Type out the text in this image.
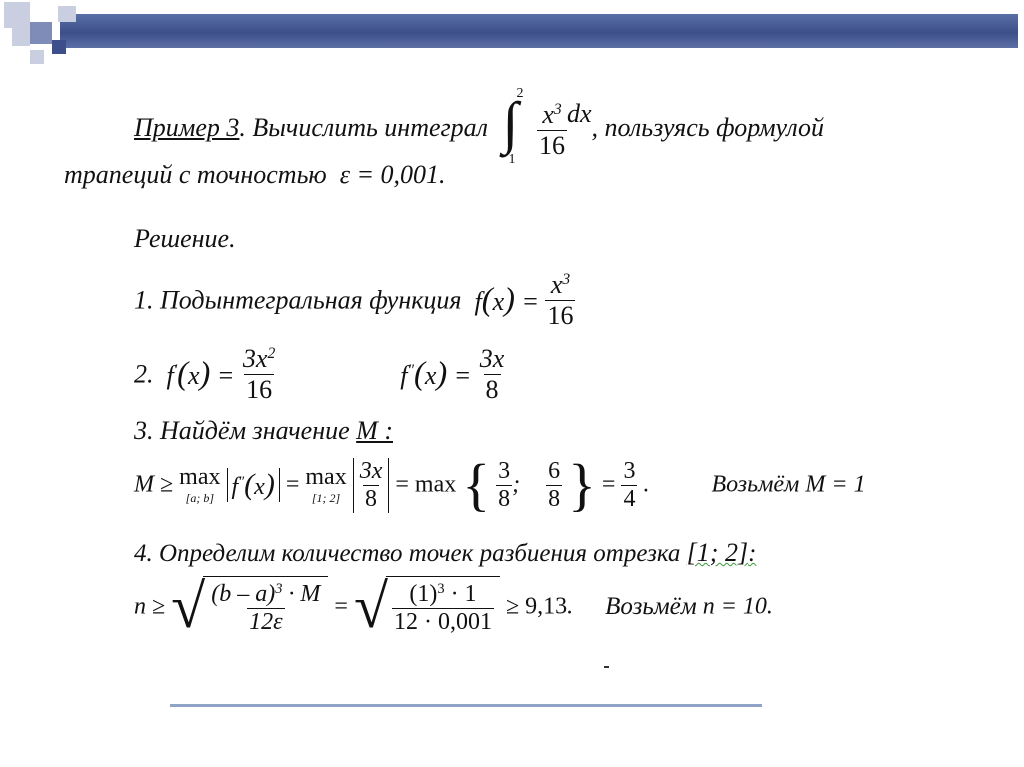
Пример 3. Вычислить интеграл
2
∫
1
$\frac{x^3}{16}$ dx, пользуясь формулой
трапеций с точностью ε = 0,001.
Решение.
1. Подынтегральная функция $f(x) = \frac{x^3}{16}$
2. $f'(x) = \frac{3x^2}{16}$	$f''(x) = \frac{3x}{8}$
3. Найдём значение M :
M ≥ max
[a; b] f″(x) = max
[1; 2]
$\frac{3x}{8} = \max$ { $\frac{3}{8}$ ; $\frac{6}{8}$ } = $\frac{3}{4}$ .	Возьмём M = 1
4. Определим количество точек разбиения отрезка [1; 2]:
n ≥ √ $\frac{(b - a)^3 \cdot M}{12\varepsilon}$ = √ $\frac{(1)^3 \cdot 1}{12 \cdot 0,001} \ge 9,13$. Возьмём n = 10.
